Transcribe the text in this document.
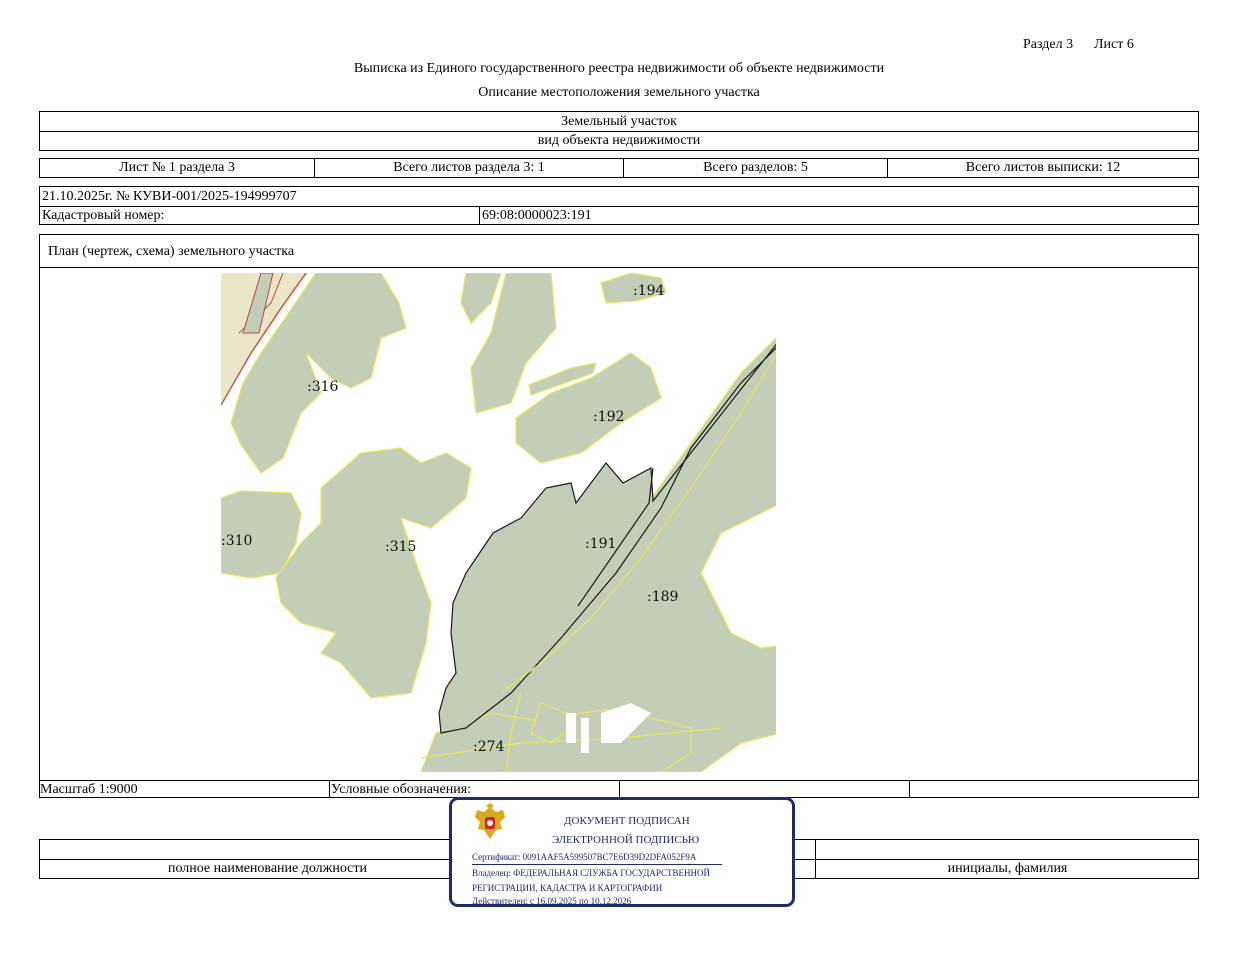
Раздел 3 Лист 6
Выписка из Единого государственного реестра недвижимости об объекте недвижимости
Описание местоположения земельного участка
Земельный участок
вид объекта недвижимости
Лист № 1 раздела 3	Всего листов раздела 3: 1	Всего разделов: 5	Всего листов выписки: 12
21.10.2025г. № КУВИ-001/2025-194999707
Кадастровый номер:	69:08:0000023:191
План (чертеж, схема) земельного участка
Масштаб 1:9000	Условные обозначения:
:194
:316
:192
:310	:315	:191
:189
:274
полное наименование должности	инициалы, фамилия
ДОКУМЕНТ ПОДПИСАН
ЭЛЕКТРОННОЙ ПОДПИСЬЮ
Сертификат: 0091AAF5A599507BC7E6D39D2DFA052F9A
Владелец: ФЕДЕРАЛЬНАЯ СЛУЖБА ГОСУДАРСТВЕННОЙ
РЕГИСТРАЦИИ, КАДАСТРА И КАРТОГРАФИИ
Действителен: с 16.09.2025 по 10.12.2026
